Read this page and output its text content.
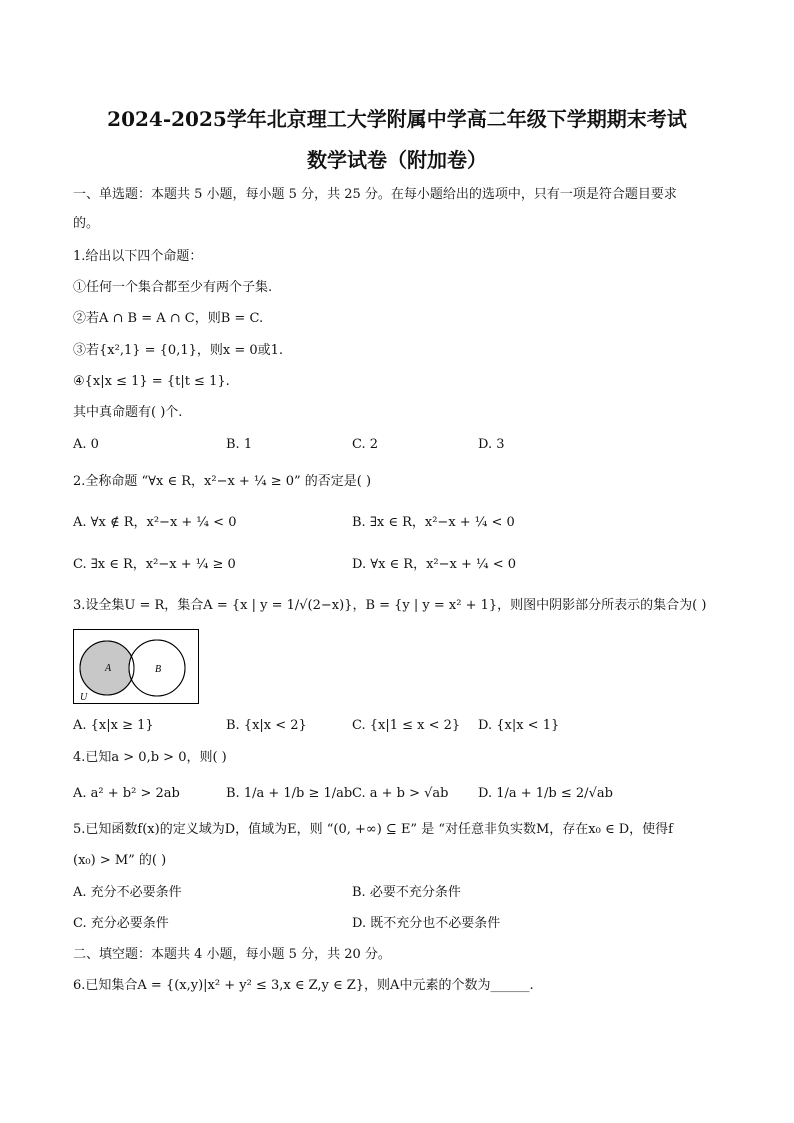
2024-2025学年北京理工大学附属中学高二年级下学期期末考试
数学试卷（附加卷）
一、单选题：本题共 5 小题，每小题 5 分，共 25 分。在每小题给出的选项中，只有一项是符合题目要求
的。
1.给出以下四个命题：
①任何一个集合都至少有两个子集.
②若A ∩ B = A ∩ C，则B = C.
③若{x²,1} = {0,1}，则x = 0或1.
④{x|x ≤ 1} = {t|t ≤ 1}.
其中真命题有( )个.
A. 0	B. 1	C. 2	D. 3
2.全称命题 “∀x ∈ R，x²−x + ¼ ≥ 0” 的否定是( )
A. ∀x ∉ R，x²−x + ¼ < 0	B. ∃x ∈ R，x²−x + ¼ < 0
C. ∃x ∈ R，x²−x + ¼ ≥ 0	D. ∀x ∈ R，x²−x + ¼ < 0
3.设全集U = R，集合A = {x | y = 1/√(2−x)}，B = {y | y = x² + 1}，则图中阴影部分所表示的集合为( )
A	B
U
A. {x|x ≥ 1}	B. {x|x < 2}	C. {x|1 ≤ x < 2} D. {x|x < 1}
4.已知a > 0,b > 0，则( )
A. a² + b² > 2ab	B. 1/a + 1/b ≥ 1/ab C. a + b > √ab D. 1/a + 1/b ≤ 2/√ab
5.已知函数f(x)的定义域为D，值域为E，则 “(0, +∞) ⊆ E” 是 “对任意非负实数M，存在x₀ ∈ D，使得f
(x₀) > M” 的( )
A. 充分不必要条件	B. 必要不充分条件
C. 充分必要条件	D. 既不充分也不必要条件
二、填空题：本题共 4 小题，每小题 5 分，共 20 分。
6.已知集合A = {(x,y)|x² + y² ≤ 3,x ∈ Z,y ∈ Z}，则A中元素的个数为______.
